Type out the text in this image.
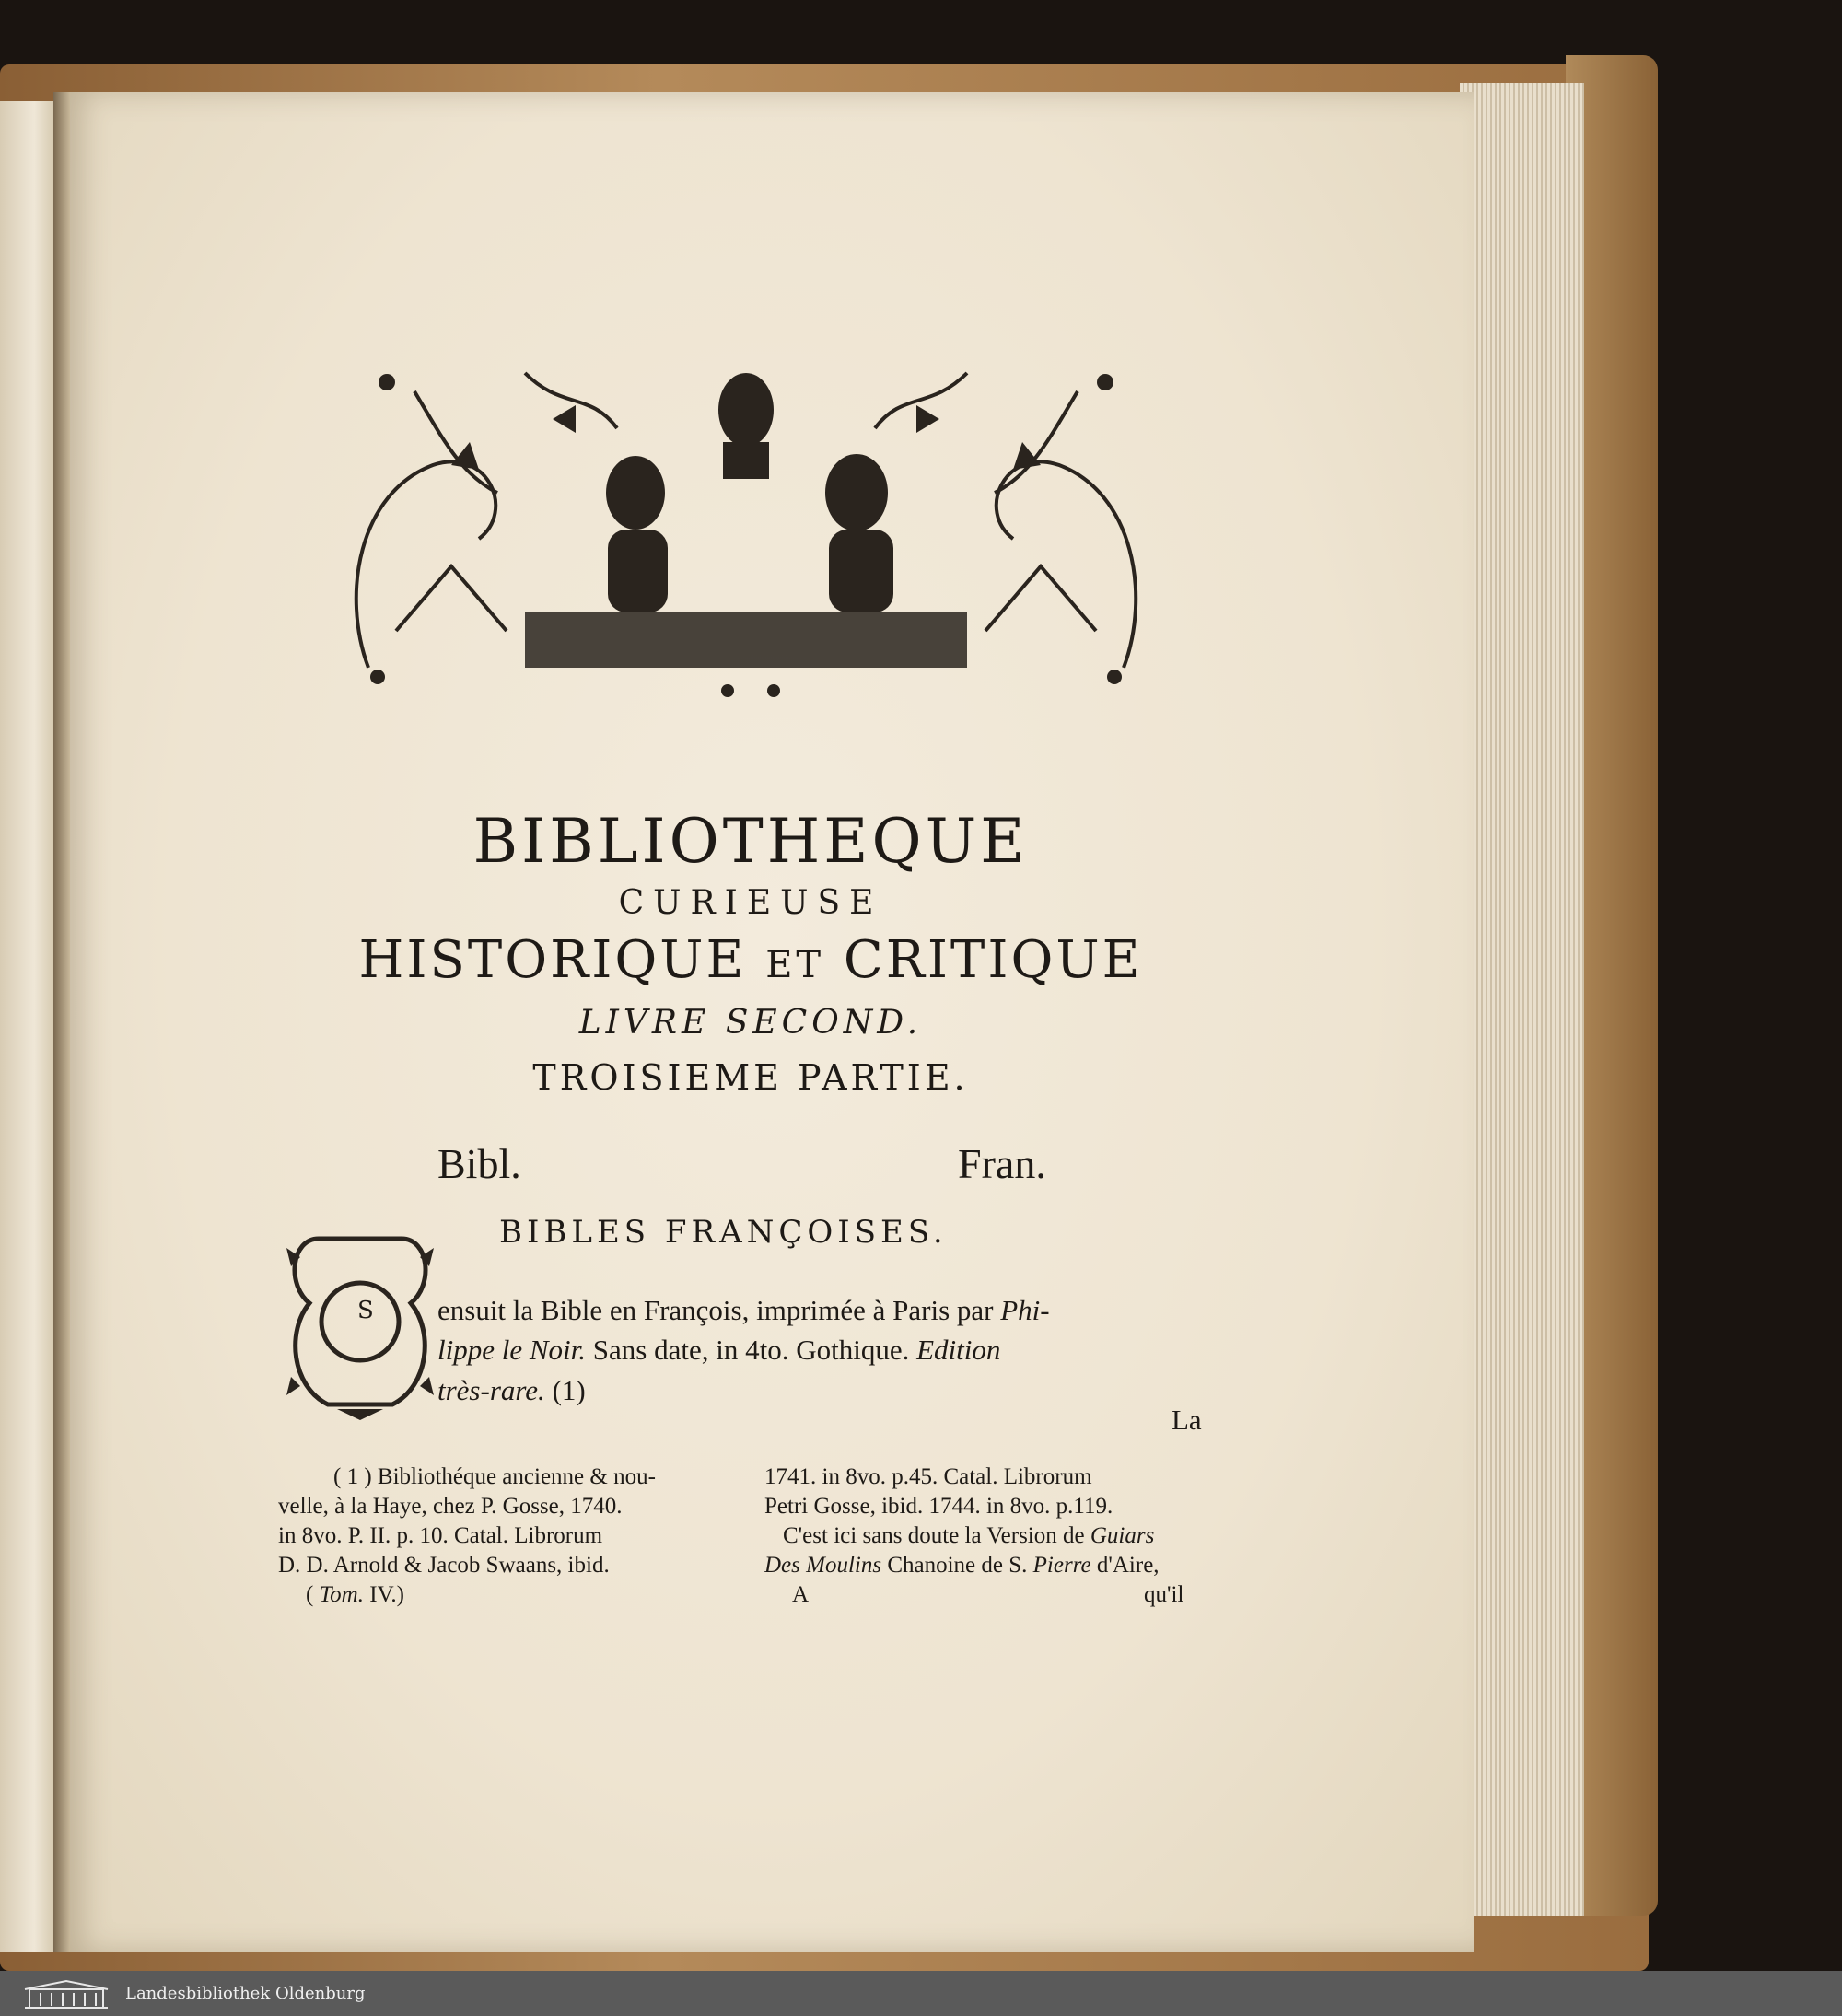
BIBLIOTHEQUE
CURIEUSE
HISTORIQUE ET CRITIQUE
LIVRE SECOND.
TROISIEME PARTIE.
Bibl.	Fran.
BIBLES FRANÇOISES.
S ensuit la Bible en François, imprimée à Paris par Phi-
lippe le Noir. Sans date, in 4to. Gothique. Edition
très-rare. (1)
La
( 1 ) Bibliothéque ancienne & nou-
velle, à la Haye, chez P. Gosse, 1740.
in 8vo. P. II. p. 10. Catal. Librorum
D. D. Arnold & Jacob Swaans, ibid.
( Tom. IV.)
1741. in 8vo. p.45. Catal. Librorum
Petri Gosse, ibid. 1744. in 8vo. p.119.
C'est ici sans doute la Version de Guiars
Des Moulins Chanoine de S. Pierre d'Aire,
A	qu'il
Landesbibliothek Oldenburg
